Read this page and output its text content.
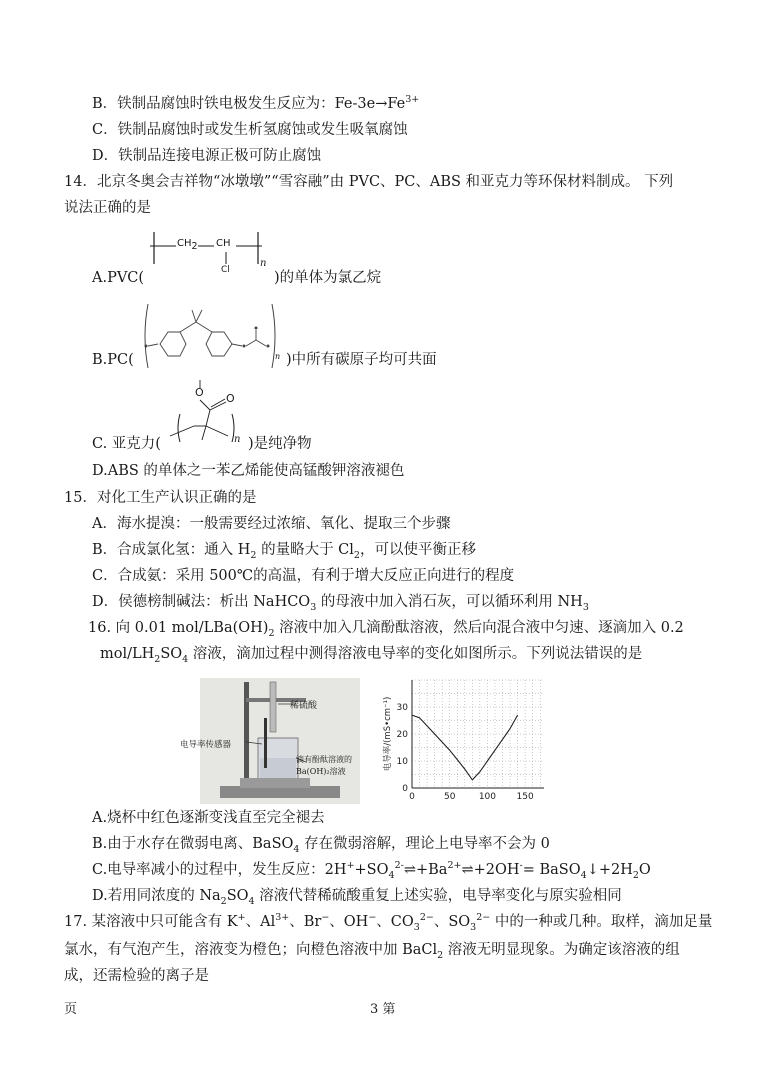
B．铁制品腐蚀时铁电极发生反应为：$Fe-3e\to Fe^{3+}$
C．铁制品腐蚀时或发生析氢腐蚀或发生吸氧腐蚀
D．铁制品连接电源正极可防止腐蚀
14．北京冬奥会吉祥物“冰墩墩”“雪容融”由 PVC、PC、ABS 和亚克力等环保材料制成。 下列
说法正确的是
$CH_2$ CH
Cl
n
A.PVC(	)的单体为氯乙烷
n
B.PC(	)中所有碳原子均可共面
O O
n
C. 亚克力(	)是纯净物
D.ABS 的单体之一苯乙烯能使高锰酸钾溶液褪色
15．对化工生产认识正确的是
A．海水提溴：一般需要经过浓缩、氧化、提取三个步骤
B．合成氯化氢：通入 $H_2$ 的量略大于 $Cl_2$，可以使平衡正移
C．合成氨：采用 500℃的高温，有利于增大反应正向进行的程度
D．侯德榜制碱法：析出 NaHCO$_3$ 的母液中加入消石灰，可以循环利用 $NH_3$
16. 向 0.01 mol/$LBa(OH)_2$ 溶液中加入几滴酚酞溶液，然后向混合液中匀速、逐滴加入 0.2
mol/$LH_2SO_4$ 溶液，滴加过程中测得溶液电导率的变化如图所示。下列说法错误的是
稀硫酸
电导率传感器
滴有酚酞溶液的
Ba(OH)₂溶液
0	50	100 150
0
10
20
30
电导率/(mS•cm⁻¹)
A.烧杯中红色逐渐变浅直至完全褪去
B.由于水存在微弱电离、BaSO$_4$ 存在微弱溶解，理论上电导率不会为 0
C.电导率减小的过程中，发生反应：$2H^++SO_4^{2-}\rightleftharpoons+Ba^{2+}\rightleftharpoons+2OH^-=$ $BaSO_4↓+2H_2O$
D.若用同浓度的 $Na_2SO_4$ 溶液代替稀硫酸重复上述实验，电导率变化与原实验相同
17. 某溶液中只可能含有 K+、$Al^{3+}$、Br−、OH−、$CO_3^{2-}$、$SO_3^{2-}$ 中的一种或几种。取样，滴加足量
氯水，有气泡产生，溶液变为橙色；向橙色溶液中加 BaCl$_2$ 溶液无明显现象。为确定该溶液的组
成，还需检验的离子是
页	3 第
